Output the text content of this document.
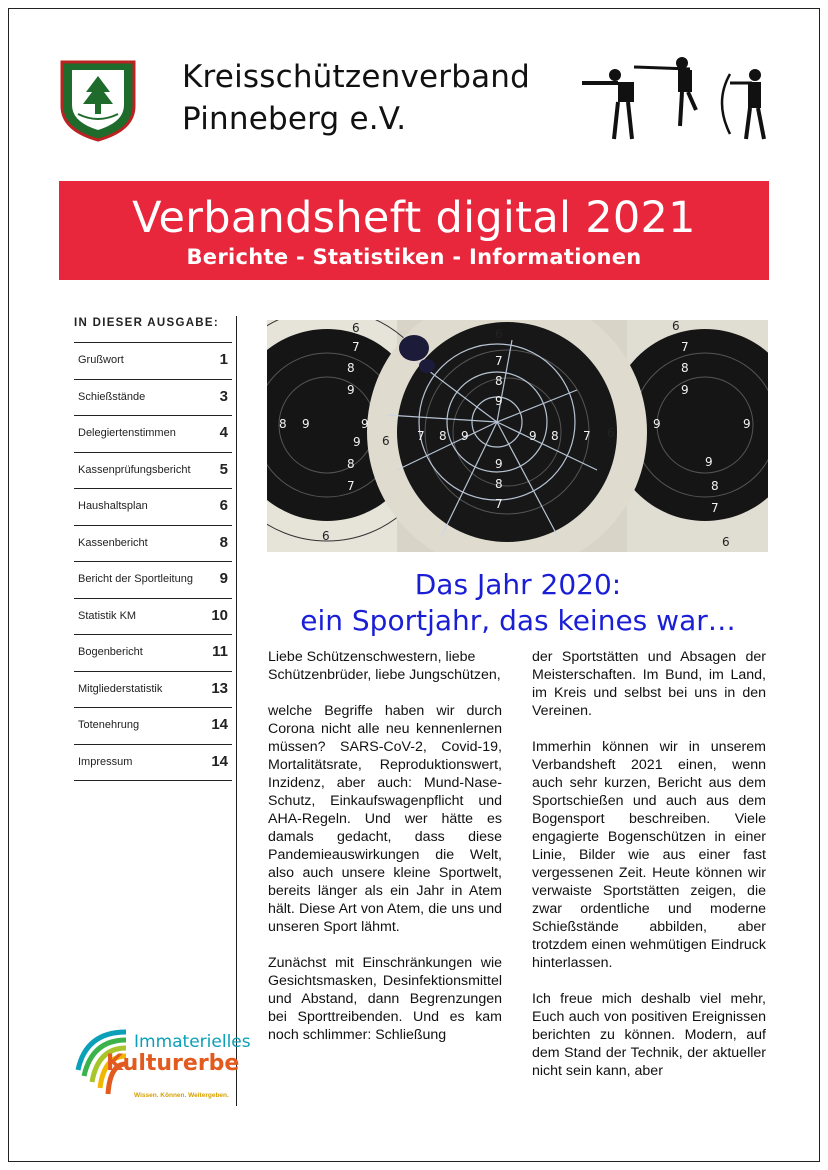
Kreisschützenverband
Pinneberg e.V.
Verbandsheft digital 2021
Berichte - Statistiken - Informationen
IN DIESER AUSGABE:
Grußwort	1
Schießstände	3
Delegiertenstimmen	4
Kassenprüfungsbericht 5
Haushaltsplan	6
Kassenbericht	8
Bericht der Sportleitung 9
Statistik KM	10
Bogenbericht	11
Mitgliederstatistik	13
Totenehrung	14
Impressum	14
Immaterielles
Kulturerbe
Wissen. Können. Weitergeben.
7
8
9
9
8
7
8 9	9
7
8
9
9
8
7
7 8 9	9 8 7
7
8
9
9
8
7
9	9
6	6
6
6
6
6
6
Das Jahr 2020:
ein Sportjahr, das keines war…

Liebe Schützenschwestern, liebe Schützenbrüder, liebe Jungschützen,

welche Begriffe haben wir durch Corona nicht alle neu kennenlernen müssen? SARS-CoV-2, Covid-19, Mortalitätsrate, Reproduktionswert, Inzidenz, aber auch: Mund-Nase-Schutz, Einkaufswagenpflicht und AHA-Regeln. Und wer hätte es damals gedacht, dass diese Pandemieauswirkungen die Welt, also auch unsere kleine Sportwelt, bereits länger als ein Jahr in Atem hält. Diese Art von Atem, die uns und unseren Sport lähmt.

Zunächst mit Einschränkungen wie Gesichtsmasken, Desinfektionsmittel und Abstand, dann Begrenzungen bei Sporttreibenden. Und es kam noch schlimmer: Schließung

der Sportstätten und Absagen der Meisterschaften. Im Bund, im Land, im Kreis und selbst bei uns in den Vereinen.

Immerhin können wir in unserem Verbandsheft 2021 einen, wenn auch sehr kurzen, Bericht aus dem Sportschießen und auch aus dem Bogensport beschreiben. Viele engagierte Bogenschützen in einer Linie, Bilder wie aus einer fast vergessenen Zeit. Heute können wir verwaiste Sportstätten zeigen, die zwar ordentliche und moderne Schießstände abbilden, aber trotzdem einen wehmütigen Eindruck hinterlassen.

Ich freue mich deshalb viel mehr, Euch auch von positiven Ereignissen berichten zu können. Modern, auf dem Stand der Technik, der aktueller nicht sein kann, aber
